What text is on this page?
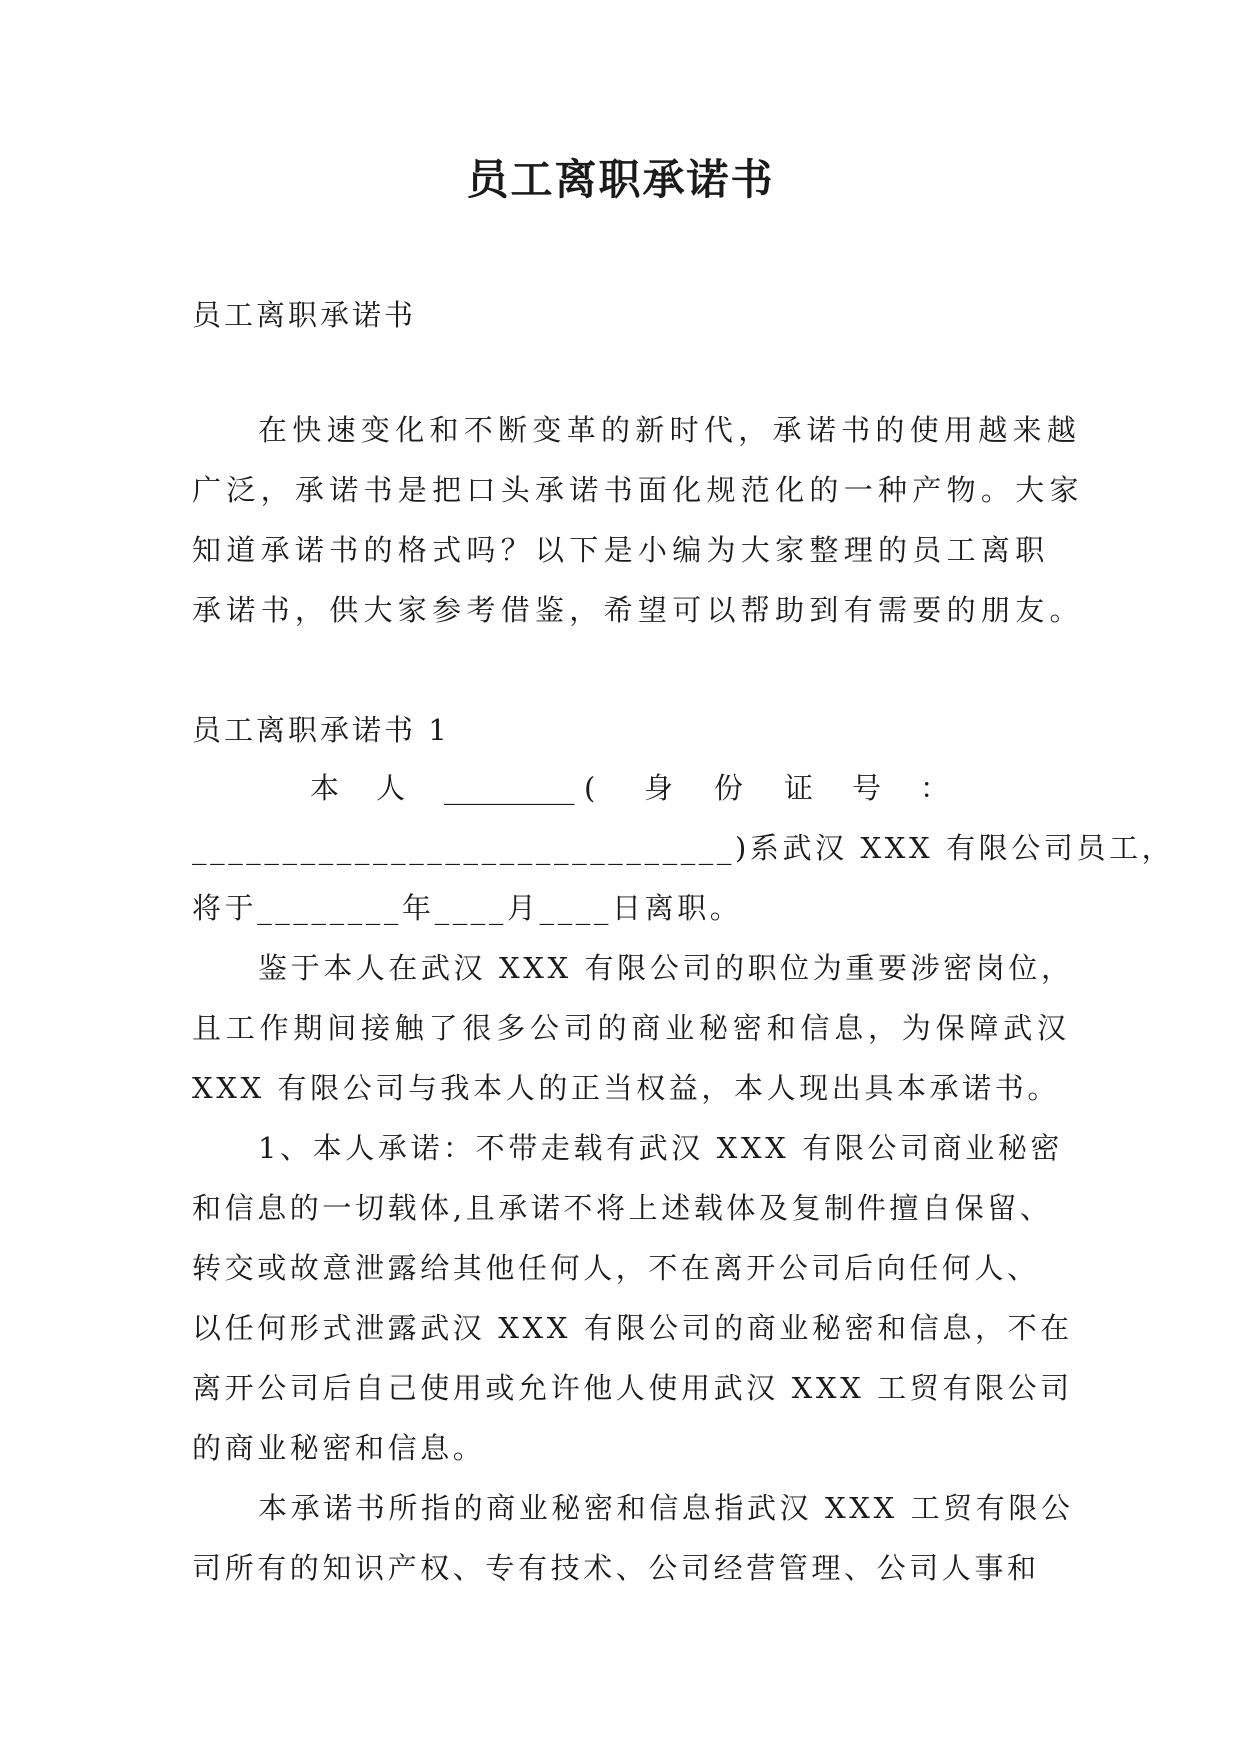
员工离职承诺书
员工离职承诺书
在快速变化和不断变革的新时代，承诺书的使用越来越
广泛，承诺书是把口头承诺书面化规范化的一种产物。大家
知道承诺书的格式吗？以下是小编为大家整理的员工离职
承诺书，供大家参考借鉴，希望可以帮助到有需要的朋友。
员工离职承诺书 1
本 人 _________ ( 身 份 证 号 ：
______________________________)系武汉 XXX 有限公司员工，
将于________年____月____日离职。
鉴于本人在武汉 XXX 有限公司的职位为重要涉密岗位，
且工作期间接触了很多公司的商业秘密和信息，为保障武汉
XXX 有限公司与我本人的正当权益，本人现出具本承诺书。
1、本人承诺：不带走载有武汉 XXX 有限公司商业秘密
和信息的一切载体,且承诺不将上述载体及复制件擅自保留、
转交或故意泄露给其他任何人，不在离开公司后向任何人、
以任何形式泄露武汉 XXX 有限公司的商业秘密和信息，不在
离开公司后自己使用或允许他人使用武汉 XXX 工贸有限公司
的商业秘密和信息。
本承诺书所指的商业秘密和信息指武汉 XXX 工贸有限公
司所有的知识产权、专有技术、公司经营管理、公司人事和
